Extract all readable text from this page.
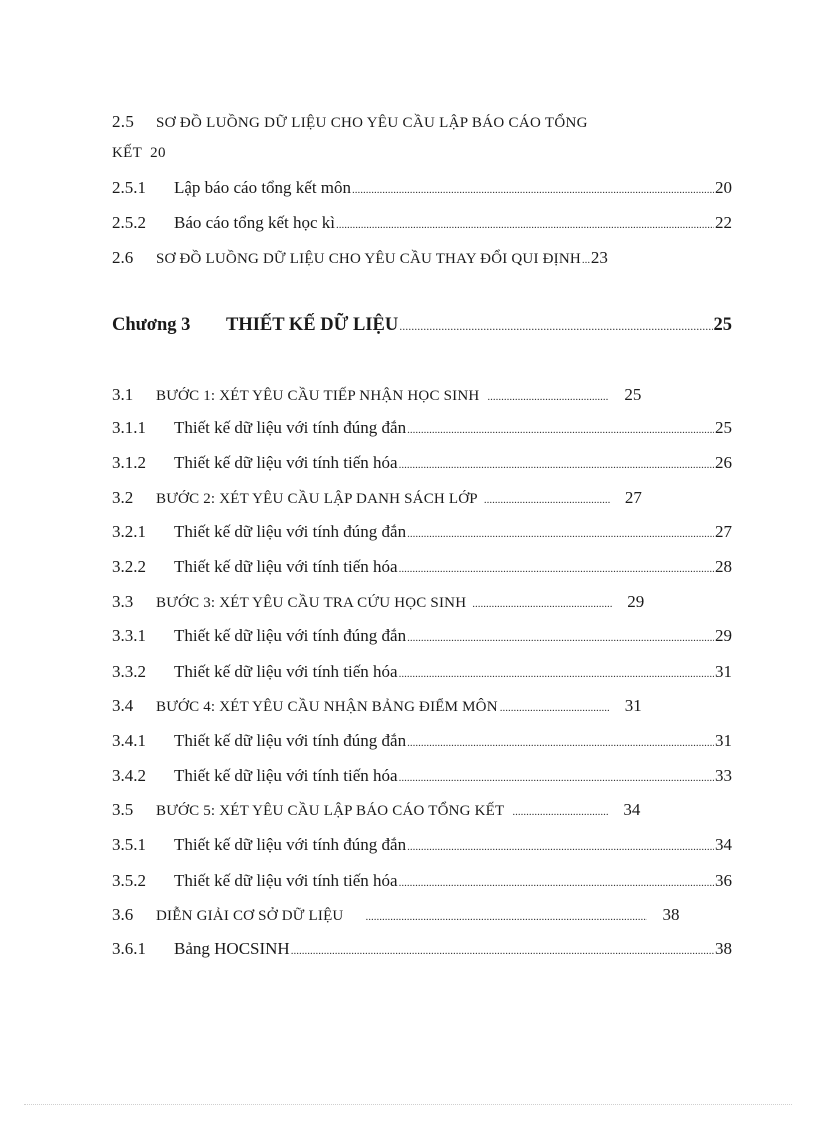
2.5 SƠ ĐỒ LUỒNG DỮ LIỆU CHO YÊU CẦU LẬP BÁO CÁO TỔNG
KẾT 20
2.5.1	Lập báo cáo tổng kết môn .....	20
2.5.2	Báo cáo tổng kết học kì .....	22
2.6	SƠ ĐỒ LUỒNG DỮ LIỆU CHO YÊU CẦU THAY ĐỔI QUI ĐỊNH ..... 23
Chương 3	THIẾT KẾ DỮ LIỆU .....	25
3.1	BƯỚC 1: XÉT YÊU CẦU TIẾP NHẬN HỌC SINH .....	25
3.1.1	Thiết kế dữ liệu với tính đúng đắn .....	25
3.1.2	Thiết kế dữ liệu với tính tiến hóa .....	26
3.2	BƯỚC 2: XÉT YÊU CẦU LẬP DANH SÁCH LỚP .....	27
3.2.1	Thiết kế dữ liệu với tính đúng đắn .....	27
3.2.2	Thiết kế dữ liệu với tính tiến hóa .....	28
3.3	BƯỚC 3: XÉT YÊU CẦU TRA CỨU HỌC SINH .....	29
3.3.1	Thiết kế dữ liệu với tính đúng đắn .....	29
3.3.2	Thiết kế dữ liệu với tính tiến hóa .....	31
3.4	BƯỚC 4: XÉT YÊU CẦU NHẬN BẢNG ĐIỂM MÔN .....	31
3.4.1	Thiết kế dữ liệu với tính đúng đắn .....	31
3.4.2	Thiết kế dữ liệu với tính tiến hóa .....	33
3.5	BƯỚC 5: XÉT YÊU CẦU LẬP BÁO CÁO TỔNG KẾT .....	34
3.5.1	Thiết kế dữ liệu với tính đúng đắn .....	34
3.5.2	Thiết kế dữ liệu với tính tiến hóa .....	36
3.6	DIỄN GIẢI CƠ SỞ DỮ LIỆU .....	38
3.6.1	Bảng HOCSINH .....	38
